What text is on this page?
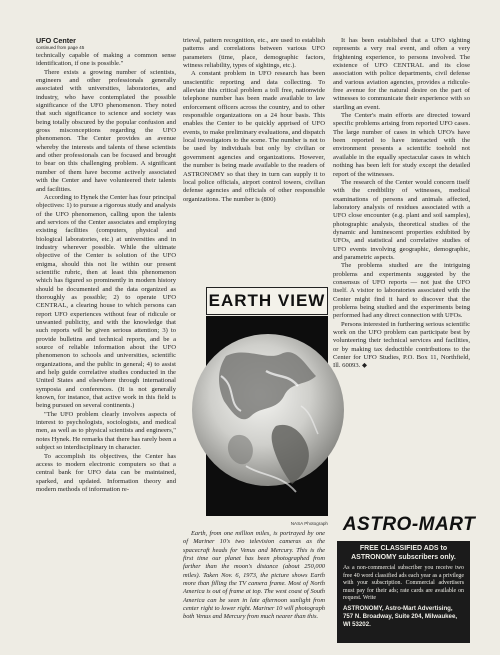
UFO Center
continued from page 45

technically capable of making a common sense identification, if one is possible."

There exists a growing number of scientists, engineers and other professionals generally associated with universities, laboratories, and industry, who have contemplated the possible significance of the UFO phenomenon. They noted that such significance to science and society was being totally obscured by the popular confusion and gross misconceptions regarding the UFO phenomenon. The Center provides an avenue whereby the interests and talents of these scientists and other professionals can be focused and brought to bear on this challenging problem. A significant number of them have become actively associated with the Center and have volunteered their talents and facilities.

According to Hynek the Center has four principal objectives: 1) to pursue a rigorous study and analysis of the UFO phenomenon, calling upon the talents and services of the Center associates and employing existing facilities (computers, physical and biological laboratories, etc.) at universities and in industry wherever possible. While the ultimate objective of the Center is solution of the UFO enigma, should this not lie within our present scientific rubric, then at least this phenomenon which has figured so prominently in modern history should be documented and the data organized as thoroughly as possible; 2) to operate UFO CENTRAL, a clearing house to which persons can report UFO experiences without fear of ridicule or unwanted publicity, and with the knowledge that such reports will be given serious attention; 3) to provide bulletins and technical reports, and be a source of reliable information about the UFO phenomenon to schools and universities, scientific organizations, and the public in general; 4) to assist and help guide correlative studies conducted in the United States and elsewhere through international symposia and conferences. (It is not generally known, for instance, that active work in this field is being pursued on several continents.)

"The UFO problem clearly involves aspects of interest to psychologists, sociologists, and medical men, as well as to physical scientists and engineers," notes Hynek. He remarks that there has rarely been a subject so interdisciplinary in character.

To accomplish its objectives, the Center has access to modern electronic computers so that a central bank for UFO data can be maintained, sparked, and updated. Information theory and modern methods of information re-

trieval, pattern recognition, etc., are used to establish patterns and correlations between various UFO parameters (time, place, demographic factors, witness reliability, types of sightings, etc.).

A constant problem in UFO research has been unscientific reporting and data collecting. To alleviate this critical problem a toll free, nationwide telephone number has been made available to law enforcement officers across the country, and to other responsible organizations on a 24 hour basis. This enables the Center to be quickly apprised of UFO events, to make preliminary evaluations, and dispatch local investigators to the scene. The number is not to be used by individuals but only by civilian or government agencies and organizations. However, the number is being made available to the readers of ASTRONOMY so that they in turn can supply it to local police officials, airport control towers, civilian defense agencies and officials of other responsible organizations. The number is (800)

It has been established that a UFO sighting represents a very real event, and often a very frightening experience, to persons involved. The existence of UFO CENTRAL and its close association with police departments, civil defense and various aviation agencies, provides a ridicule-free avenue for the natural desire on the part of witnesses to communicate their experience with so startling an event.

The Center's main efforts are directed toward specific problems arising from reported UFO cases. The large number of cases in which UFO's have been reported to have interacted with the environment presents a scientific toehold not available in the equally spectacular cases in which nothing has been left for study except the detailed report of the witnesses.

The research of the Center would concern itself with the credibility of witnesses, medical examinations of persons and animals affected, laboratory analysis of residues associated with a UFO close encounter (e.g. plant and soil samples), photographic analysis, theoretical studies of the dynamic and luminescent properties exhibited by UFOs, and statistical and correlative studies of UFO events involving geographic, demographic, and parametric aspects.

The problems studied are the intriguing problems and experiments suggested by the consensus of UFO reports — not just the UFO itself. A visitor to laboratories associated with the Center might find it hard to discover that the problems being studied and the experiments being performed had any direct connection with UFOs.

Persons interested in furthering serious scientific work on the UFO problem can participate best by volunteering their technical services and facilities, or by making tax deductible contributions to the Center for UFO Studies, P.O. Box 11, Northfield, Ill. 60093. ◆

EARTH VIEW
NASA Photograph

Earth, from one million miles, is portrayed by one of Mariner 10's two television cameras as the spacecraft heads for Venus and Mercury. This is the first time our planet has been photographed from farther than the moon's distance (about 250,000 miles). Taken Nov. 6, 1973, the picture shows Earth more than filling the TV camera frame. Most of North America is out of frame at top. The west coast of South America can be seen in late afternoon sunlight from center right to lower right. Mariner 10 will photograph both Venus and Mercury from much nearer than this.

ASTRO-MART
FREE CLASSIFIED ADS to ASTRONOMY subscribers only.
As a non-commercial subscriber you receive two free 40 word classified ads each year as a privilege with your subscription. Commercial advertisers must pay for their ads; rate cards are available on request. Write
ASTRONOMY, Astro-Mart Advertising, 757 N. Broadway, Suite 204, Milwaukee, WI 53202.
